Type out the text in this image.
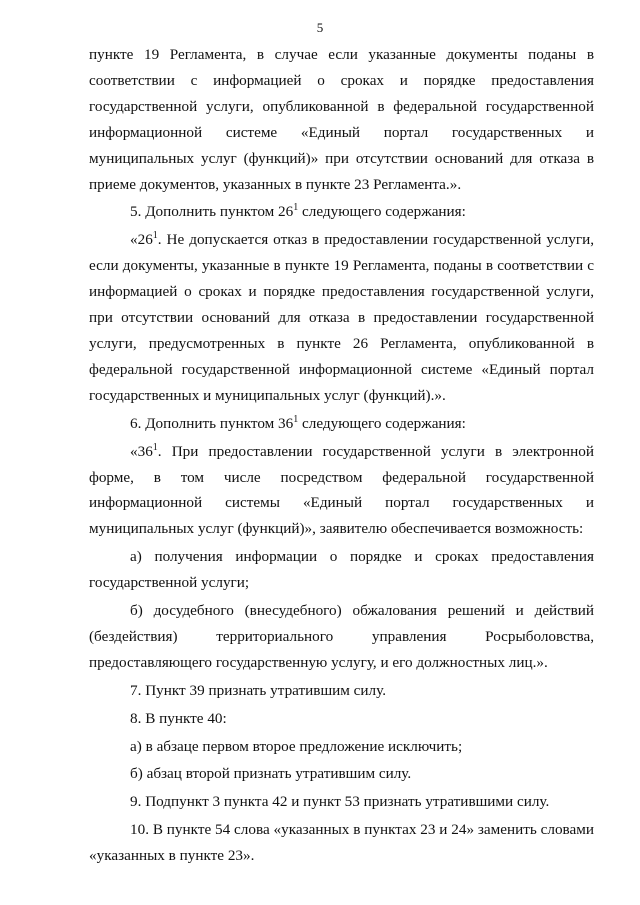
5

пункте 19 Регламента, в случае если указанные документы поданы в соответствии с информацией о сроках и порядке предоставления государственной услуги, опубликованной в федеральной государственной информационной системе «Единый портал государственных и муниципальных услуг (функций)» при отсутствии оснований для отказа в приеме документов, указанных в пункте 23 Регламента.».

5. Дополнить пунктом $26^1$ следующего содержания:

«$26^1$. Не допускается отказ в предоставлении государственной услуги, если документы, указанные в пункте 19 Регламента, поданы в соответствии с информацией о сроках и порядке предоставления государственной услуги, при отсутствии оснований для отказа в предоставлении государственной услуги, предусмотренных в пункте 26 Регламента, опубликованной в федеральной государственной информационной системе «Единый портал государственных и муниципальных услуг (функций).».

6. Дополнить пунктом $36^1$ следующего содержания:

«$36^1$. При предоставлении государственной услуги в электронной форме, в том числе посредством федеральной государственной информационной системы «Единый портал государственных и муниципальных услуг (функций)», заявителю обеспечивается возможность:

а) получения информации о порядке и сроках предоставления государственной услуги;

б) досудебного (внесудебного) обжалования решений и действий (бездействия) территориального управления Росрыболовства, предоставляющего государственную услугу, и его должностных лиц.».

7. Пункт 39 признать утратившим силу.

8. В пункте 40:

а) в абзаце первом второе предложение исключить;

б) абзац второй признать утратившим силу.

9. Подпункт 3 пункта 42 и пункт 53 признать утратившими силу.

10. В пункте 54 слова «указанных в пунктах 23 и 24» заменить словами «указанных в пункте 23».
